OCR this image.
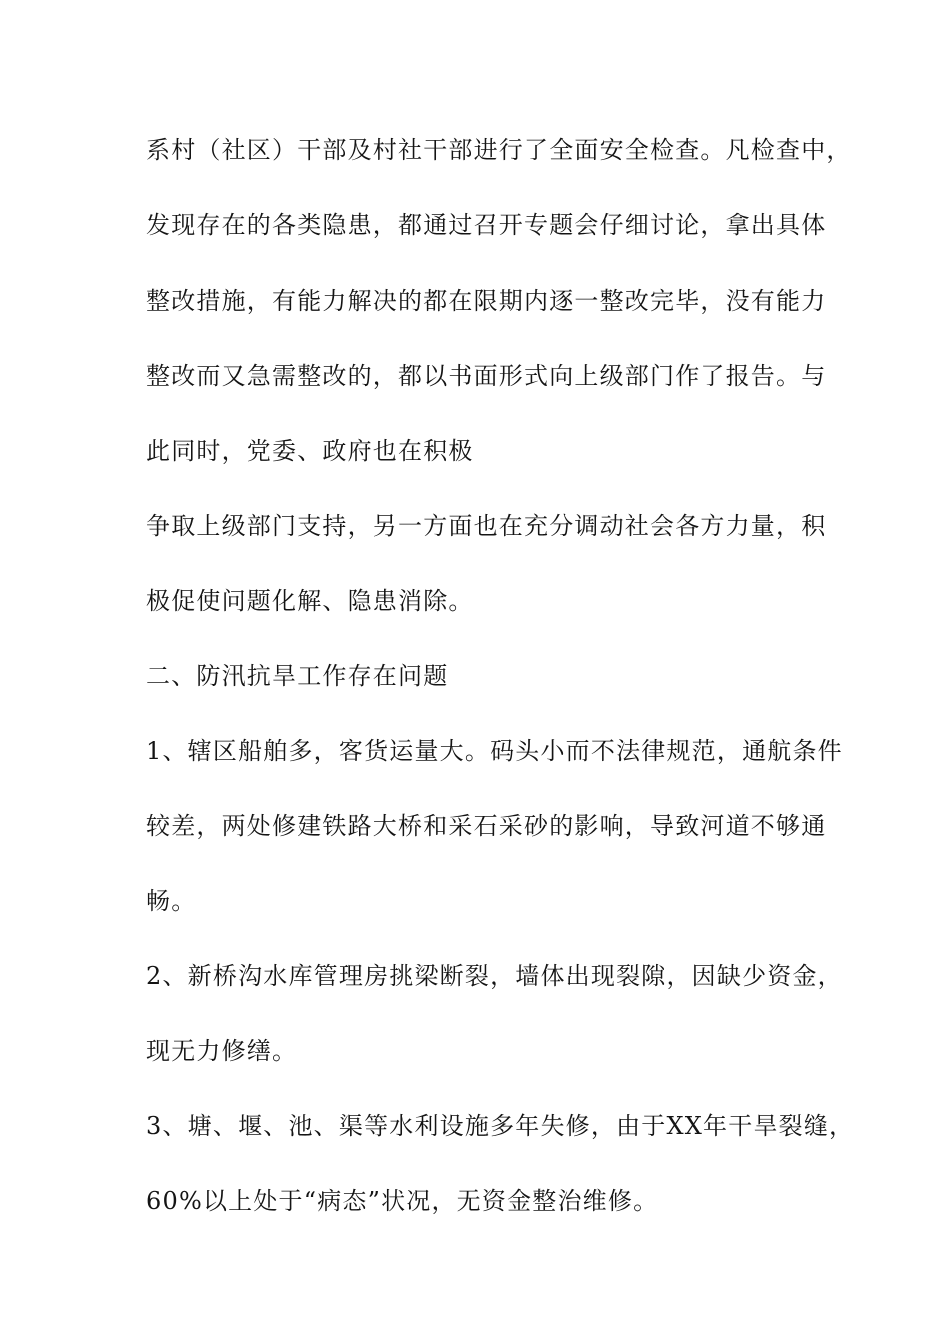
系村（社区）干部及村社干部进行了全面安全检查。凡检查中，

发现存在的各类隐患，都通过召开专题会仔细讨论，拿出具体

整改措施，有能力解决的都在限期内逐一整改完毕，没有能力

整改而又急需整改的，都以书面形式向上级部门作了报告。与

此同时，党委、政府也在积极

争取上级部门支持，另一方面也在充分调动社会各方力量，积

极促使问题化解、隐患消除。

二、防汛抗旱工作存在问题

1、辖区船舶多，客货运量大。码头小而不法律规范，通航条件

较差，两处修建铁路大桥和采石采砂的影响，导致河道不够通

畅。

2、新桥沟水库管理房挑梁断裂，墙体出现裂隙，因缺少资金，

现无力修缮。

3、塘、堰、池、渠等水利设施多年失修，由于XX年干旱裂缝，

60%以上处于“病态”状况，无资金整治维修。
